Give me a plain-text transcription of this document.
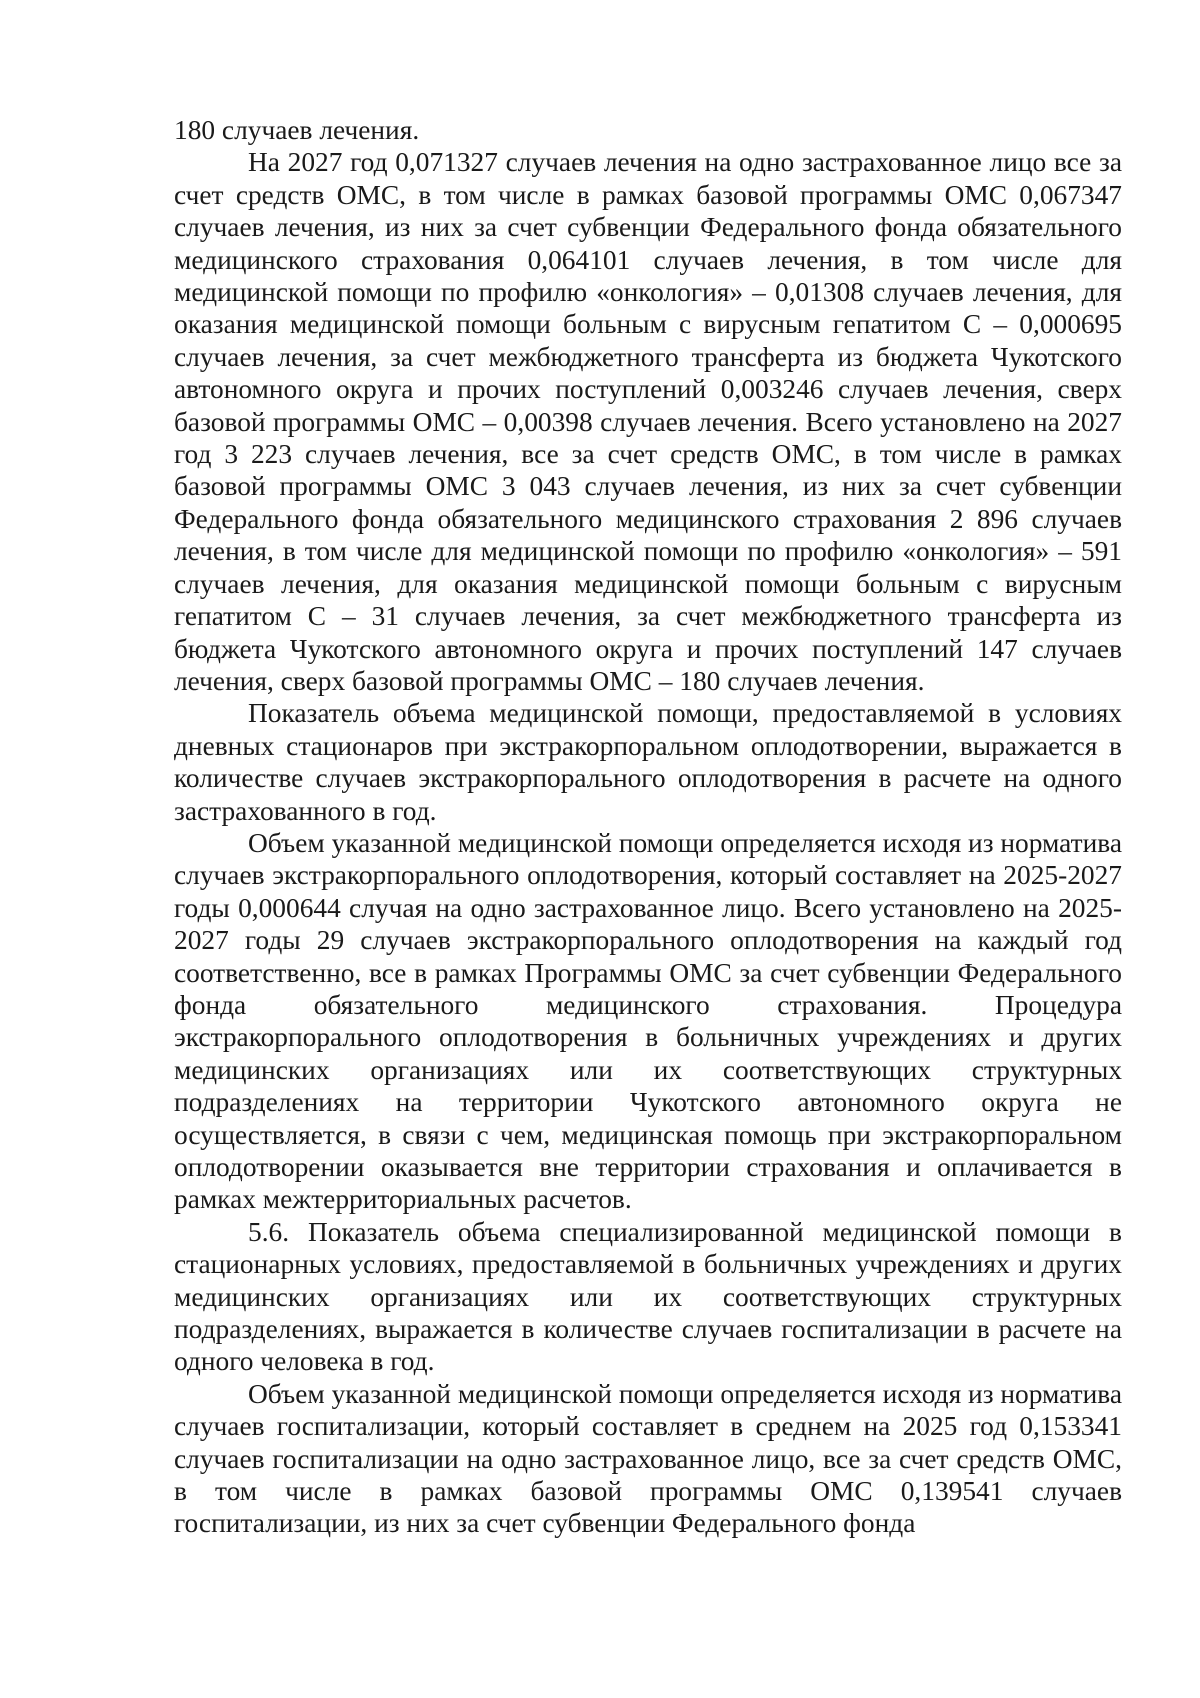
180 случаев лечения.

На 2027 год 0,071327 случаев лечения на одно застрахованное лицо все за счет средств ОМС, в том числе в рамках базовой программы ОМС 0,067347 случаев лечения, из них за счет субвенции Федерального фонда обязательного медицинского страхования 0,064101 случаев лечения, в том числе для медицинской помощи по профилю «онкология» – 0,01308 случаев лечения, для оказания медицинской помощи больным с вирусным гепатитом С – 0,000695 случаев лечения, за счет межбюджетного трансферта из бюджета Чукотского автономного округа и прочих поступлений 0,003246 случаев лечения, сверх базовой программы ОМС – 0,00398 случаев лечения. Всего установлено на 2027 год 3 223 случаев лечения, все за счет средств ОМС, в том числе в рамках базовой программы ОМС 3 043 случаев лечения, из них за счет субвенции Федерального фонда обязательного медицинского страхования 2 896 случаев лечения, в том числе для медицинской помощи по профилю «онкология» – 591 случаев лечения, для оказания медицинской помощи больным с вирусным гепатитом С – 31 случаев лечения, за счет межбюджетного трансферта из бюджета Чукотского автономного округа и прочих поступлений 147 случаев лечения, сверх базовой программы ОМС – 180 случаев лечения.

Показатель объема медицинской помощи, предоставляемой в условиях дневных стационаров при экстракорпоральном оплодотворении, выражается в количестве случаев экстракорпорального оплодотворения в расчете на одного застрахованного в год.

Объем указанной медицинской помощи определяется исходя из норматива случаев экстракорпорального оплодотворения, который составляет на 2025-2027 годы 0,000644 случая на одно застрахованное лицо. Всего установлено на 2025-2027 годы 29 случаев экстракорпорального оплодотворения на каждый год соответственно, все в рамках Программы ОМС за счет субвенции Федерального фонда обязательного медицинского страхования. Процедура экстракорпорального оплодотворения в больничных учреждениях и других медицинских организациях или их соответствующих структурных подразделениях на территории Чукотского автономного округа не осуществляется, в связи с чем, медицинская помощь при экстракорпоральном оплодотворении оказывается вне территории страхования и оплачивается в рамках межтерриториальных расчетов.

5.6. Показатель объема специализированной медицинской помощи в стационарных условиях, предоставляемой в больничных учреждениях и других медицинских организациях или их соответствующих структурных подразделениях, выражается в количестве случаев госпитализации в расчете на одного человека в год.

Объем указанной медицинской помощи определяется исходя из норматива случаев госпитализации, который составляет в среднем на 2025 год 0,153341 случаев госпитализации на одно застрахованное лицо, все за счет средств ОМС, в том числе в рамках базовой программы ОМС 0,139541 случаев госпитализации, из них за счет субвенции Федерального фонда
